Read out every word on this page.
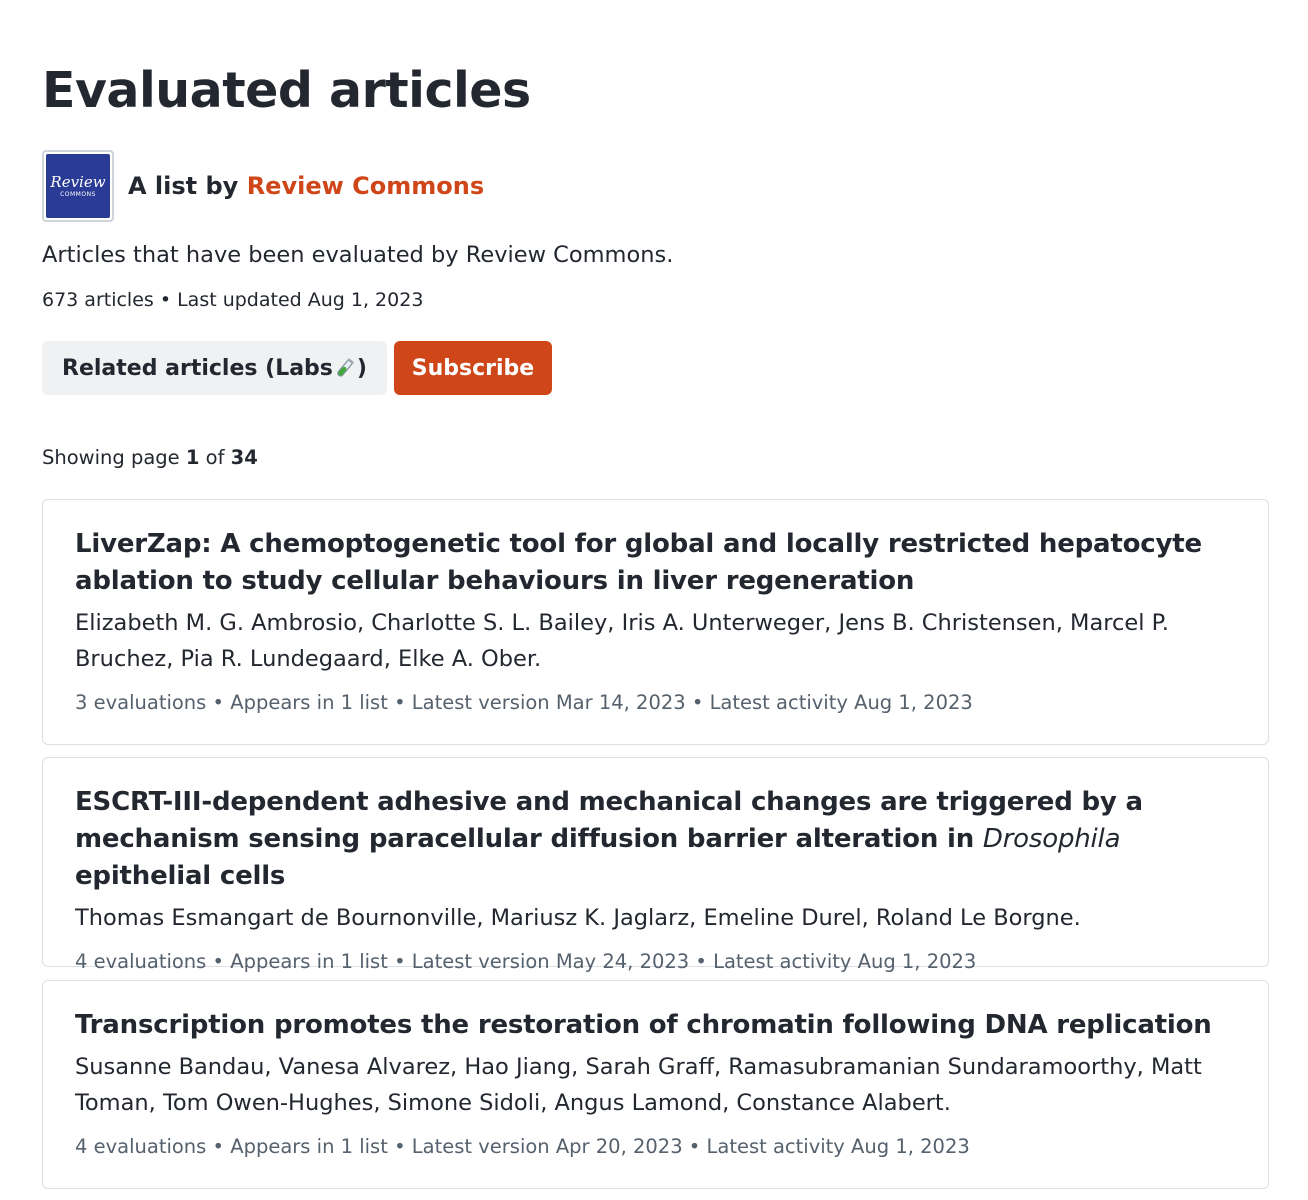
Evaluated articles
Review
COMMONS A list by Review Commons
Articles that have been evaluated by Review Commons.
673 articles • Last updated Aug 1, 2023
Related articles (Labs )	Subscribe
Showing page 1 of 34
LiverZap: A chemoptogenetic tool for global and locally restricted hepatocyte ablation to study cellular behaviours in liver regeneration
Elizabeth M. G. Ambrosio, Charlotte S. L. Bailey, Iris A. Unterweger, Jens B. Christensen, Marcel P. Bruchez, Pia R. Lundegaard, Elke A. Ober.
3 evaluations • Appears in 1 list • Latest version Mar 14, 2023 • Latest activity Aug 1, 2023
ESCRT-III-dependent adhesive and mechanical changes are triggered by a mechanism sensing paracellular diffusion barrier alteration in Drosophila epithelial cells
Thomas Esmangart de Bournonville, Mariusz K. Jaglarz, Emeline Durel, Roland Le Borgne.
4 evaluations • Appears in 1 list • Latest version May 24, 2023 • Latest activity Aug 1, 2023
Transcription promotes the restoration of chromatin following DNA replication
Susanne Bandau, Vanesa Alvarez, Hao Jiang, Sarah Graff, Ramasubramanian Sundaramoorthy, Matt Toman, Tom Owen-Hughes, Simone Sidoli, Angus Lamond, Constance Alabert.
4 evaluations • Appears in 1 list • Latest version Apr 20, 2023 • Latest activity Aug 1, 2023
